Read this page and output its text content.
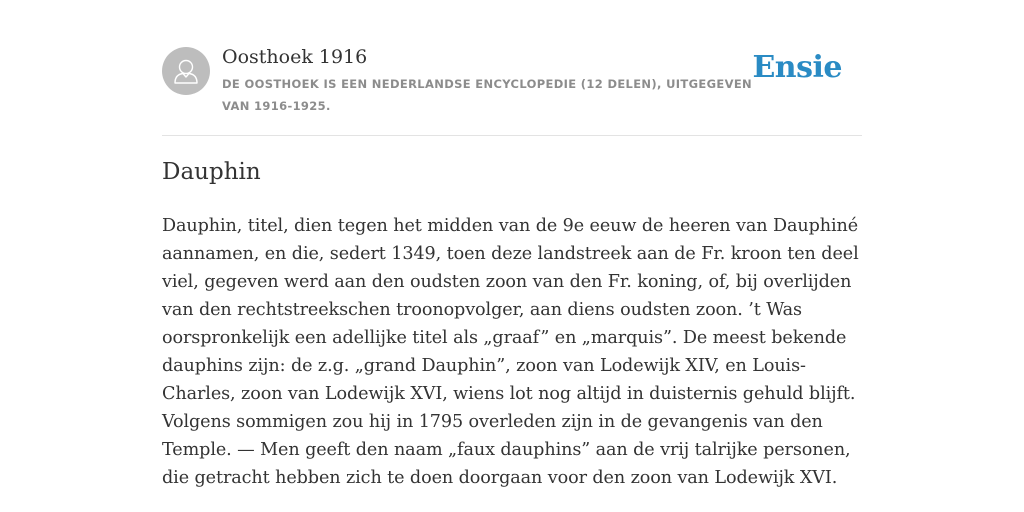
Oosthoek 1916
DE OOSTHOEK IS EEN NEDERLANDSE ENCYCLOPEDIE (12 DELEN), UITGEGEVEN VAN 1916-1925.
Ensie
Dauphin

Dauphin, titel, dien tegen het midden van de 9e eeuw de heeren van Dauphiné aannamen, en die, sedert 1349, toen deze landstreek aan de Fr. kroon ten deel viel, gegeven werd aan den oudsten zoon van den Fr. koning, of, bij overlijden van den rechtstreekschen troonopvolger, aan diens oudsten zoon. ’t Was oorspronkelijk een adellijke titel als „graaf” en „marquis”. De meest bekende dauphins zijn: de z.g. „grand Dauphin”, zoon van Lodewijk XIV, en Louis-Charles, zoon van Lodewijk XVI, wiens lot nog altijd in duisternis gehuld blijft. Volgens sommigen zou hij in 1795 overleden zijn in de gevangenis van den Temple. — Men geeft den naam „faux dauphins” aan de vrij talrijke personen, die getracht hebben zich te doen doorgaan voor den zoon van Lodewijk XVI.
